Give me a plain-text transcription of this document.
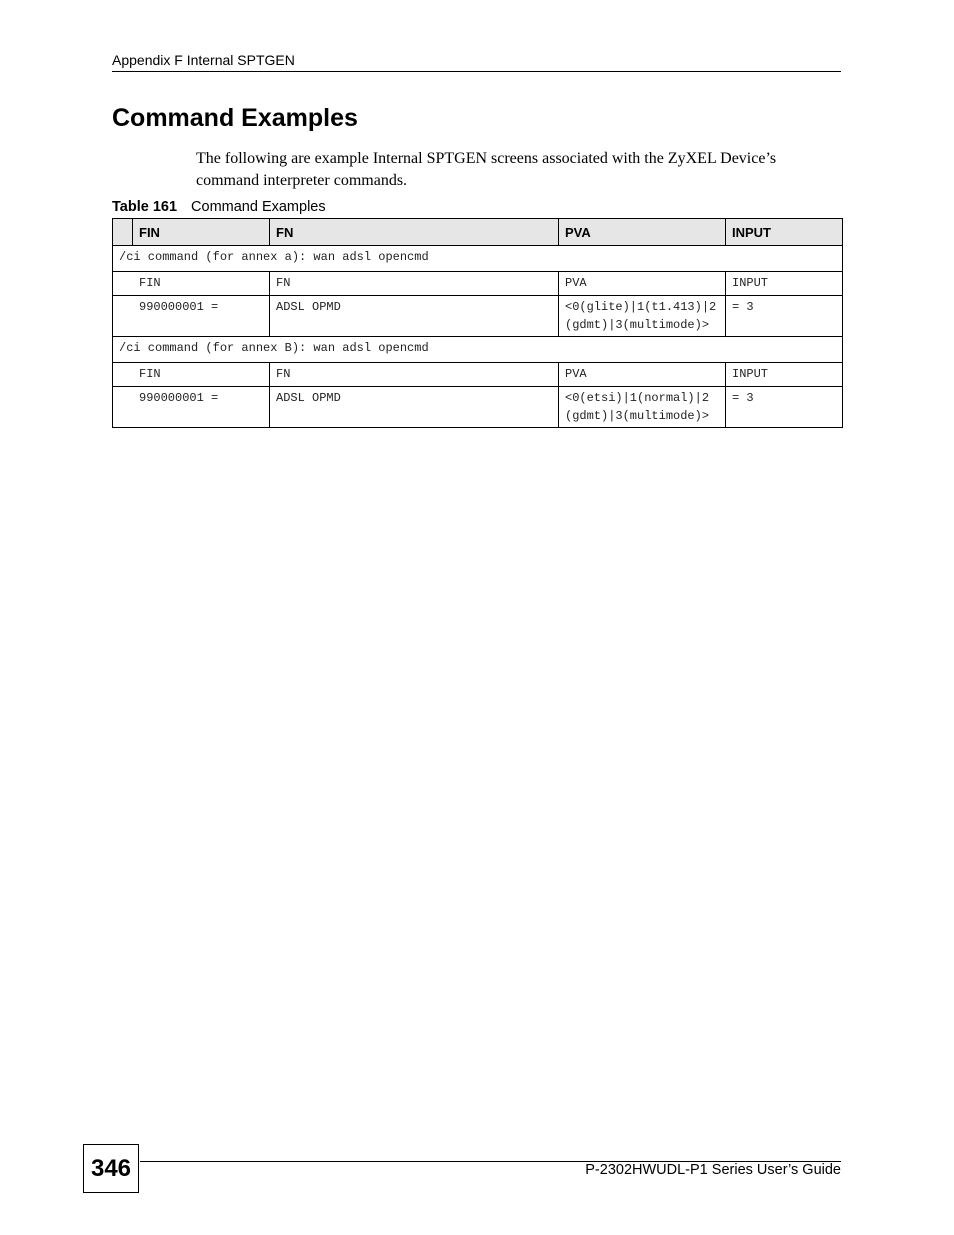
Appendix F Internal SPTGEN
Command Examples

The following are example Internal SPTGEN screens associated with the ZyXEL Device’s command interpreter commands.

Table 161 Command Examples
	FIN	FN	PVA	INPUT
/ci command (for annex a): wan adsl opencmd				
FIN		FN	PVA	INPUT
990000001 =		ADSL OPMD	<0(glite)|1(t1.413)|2(gdmt)|3(multimode)>	= 3
/ci command (for annex B): wan adsl opencmd				
FIN		FN	PVA	INPUT
990000001 =		ADSL OPMD	<0(etsi)|1(normal)|2(gdmt)|3(multimode)>	= 3
346	P-2302HWUDL-P1 Series User’s Guide
